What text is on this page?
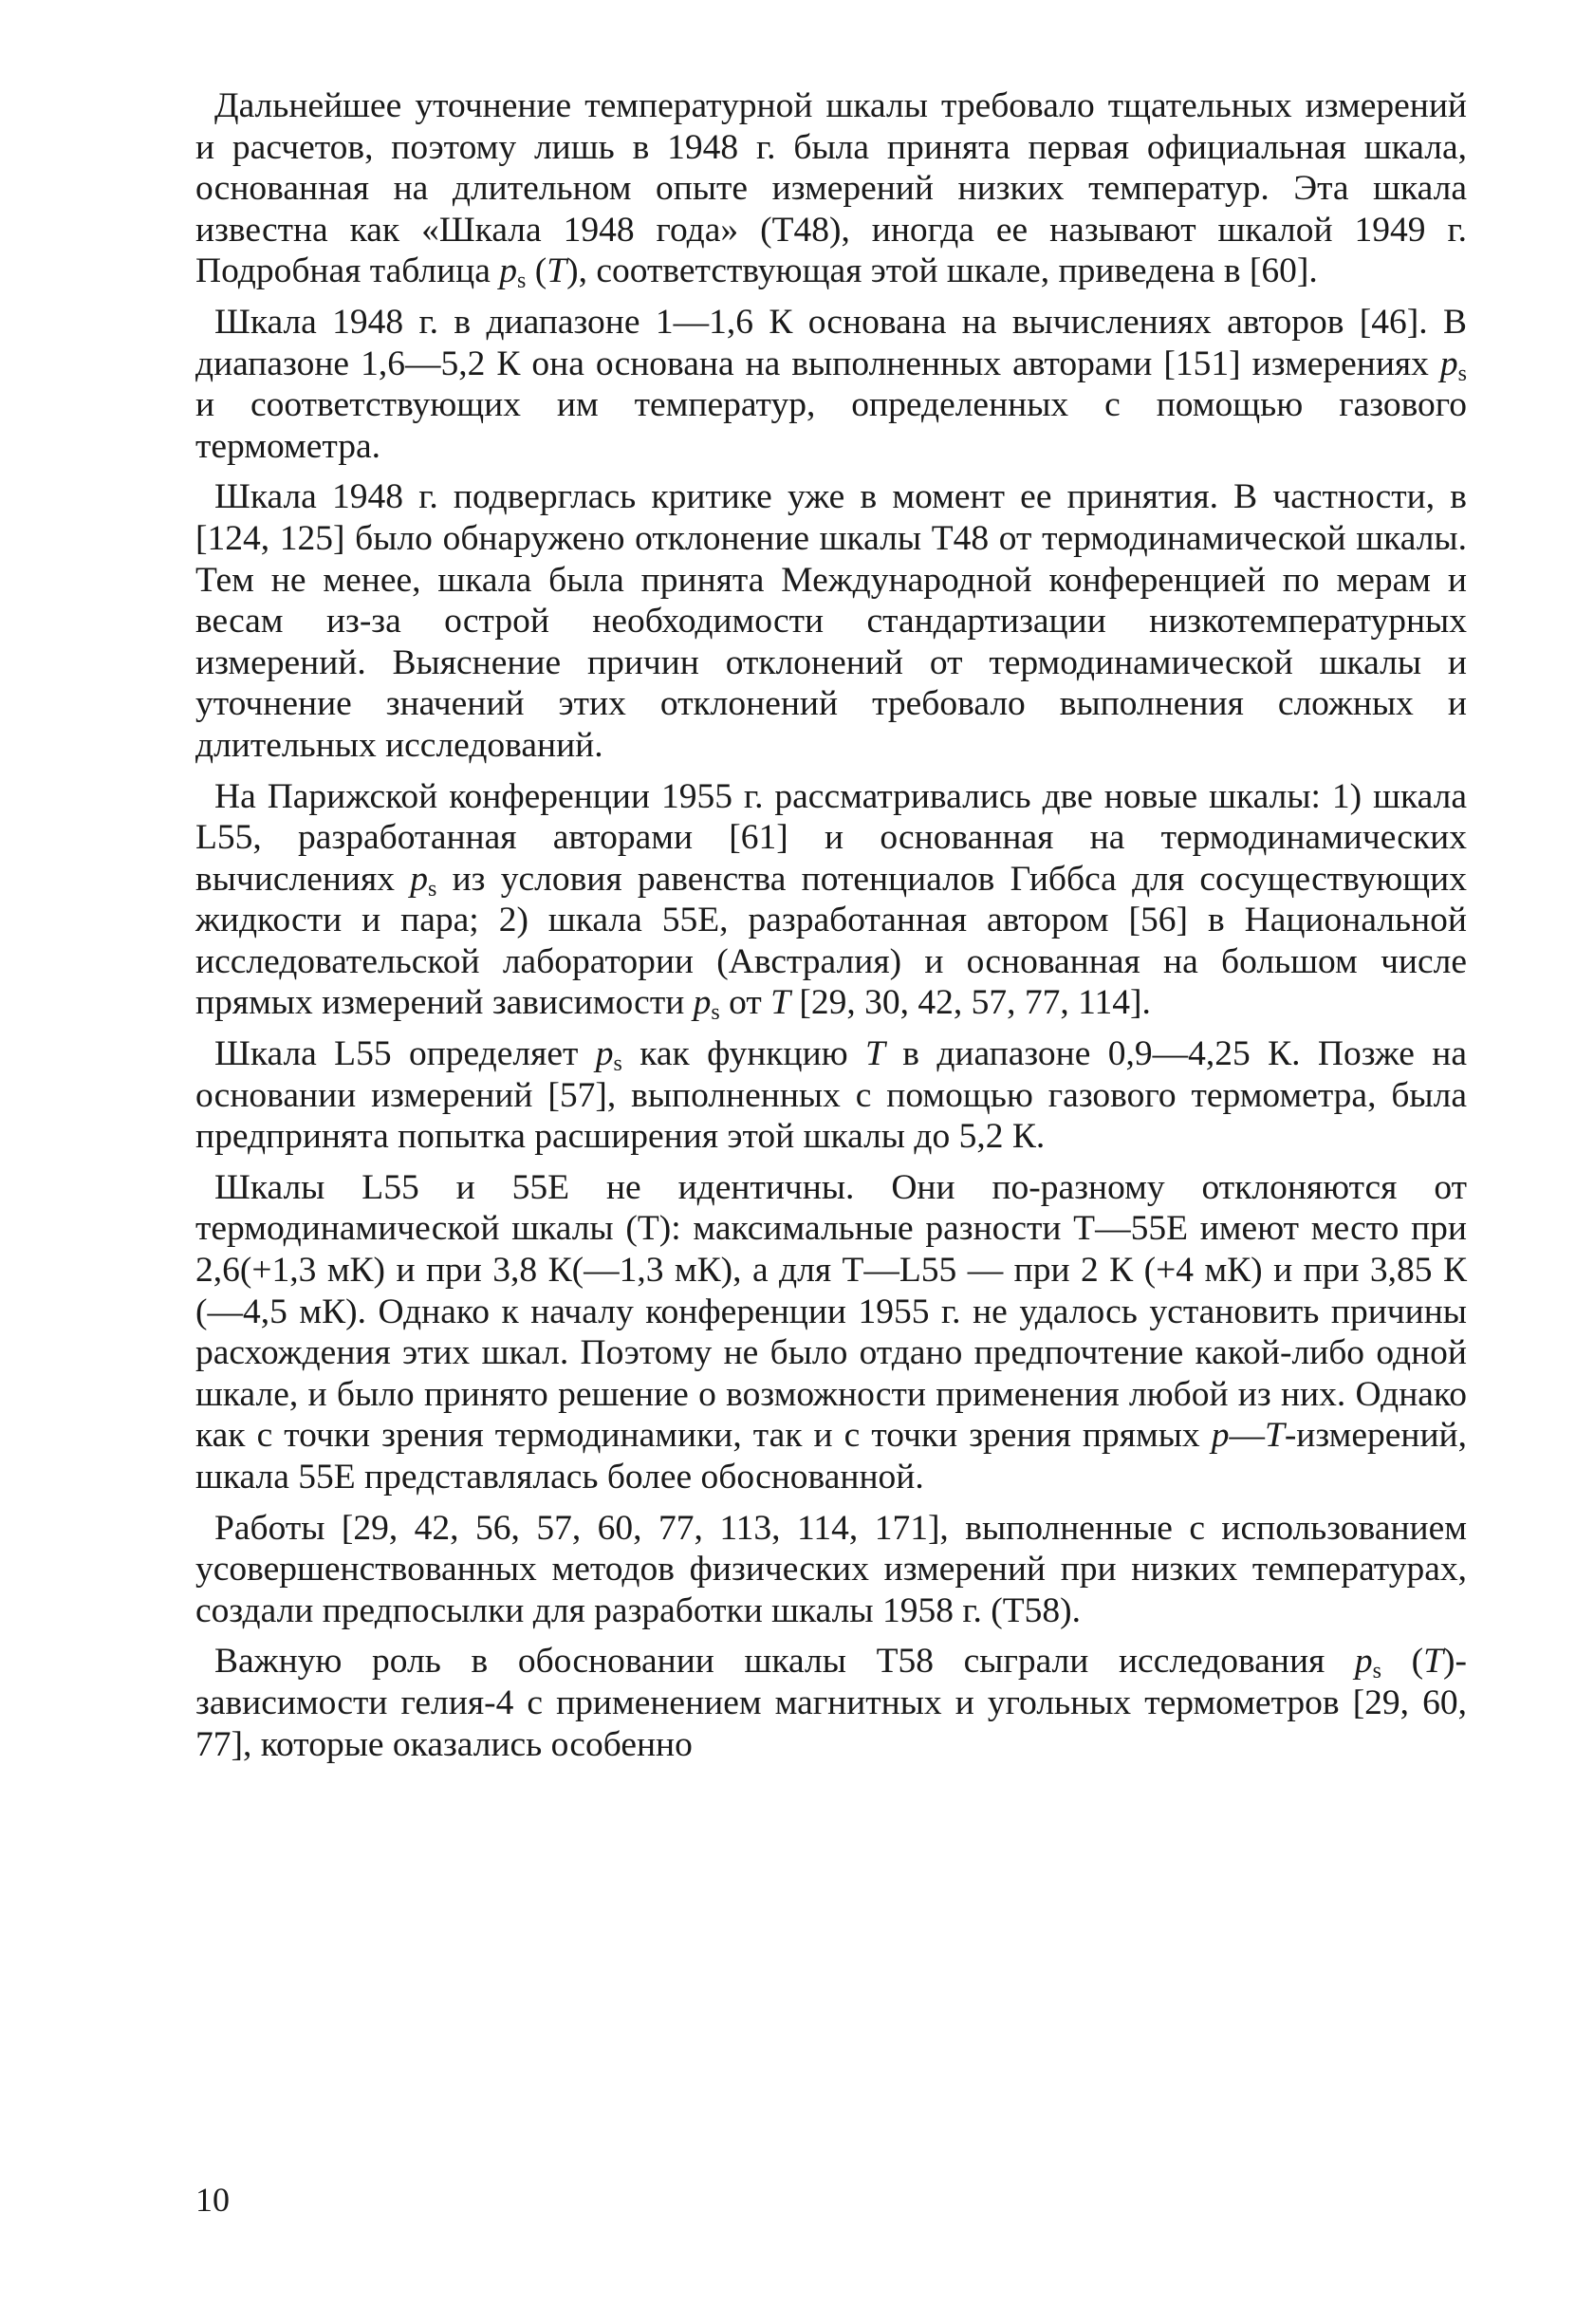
Дальнейшее уточнение температурной шкалы требовало тщательных измерений и расчетов, поэтому лишь в 1948 г. была принята первая официальная шкала, основанная на длительном опыте измерений низких температур. Эта шкала известна как «Шкала 1948 года» (Т48), иногда ее называют шкалой 1949 г. Подробная таблица $p_s$ (T), соответствующая этой шкале, приведена в [60].

Шкала 1948 г. в диапазоне 1—1,6 К основана на вычислениях авторов [46]. В диапазоне 1,6—5,2 К она основана на выполненных авторами [151] измерениях $p_s$ и соответствующих им температур, определенных с помощью газового термометра.

Шкала 1948 г. подверглась критике уже в момент ее принятия. В частности, в [124, 125] было обнаружено отклонение шкалы Т48 от термодинамической шкалы. Тем не менее, шкала была принята Международной конференцией по мерам и весам из-за острой необходимости стандартизации низкотемпературных измерений. Выяснение причин отклонений от термодинамической шкалы и уточнение значений этих отклонений требовало выполнения сложных и длительных исследований.

На Парижской конференции 1955 г. рассматривались две новые шкалы: 1) шкала L55, разработанная авторами [61] и основанная на термодинамических вычислениях $p_s$ из условия равенства потенциалов Гиббса для сосуществующих жидкости и пара; 2) шкала 55Е, разработанная автором [56] в Национальной исследовательской лаборатории (Австралия) и основанная на большом числе прямых измерений зависимости $p_s$ от T [29, 30, 42, 57, 77, 114].

Шкала L55 определяет $p_s$ как функцию T в диапазоне 0,9—4,25 К. Позже на основании измерений [57], выполненных с помощью газового термометра, была предпринята попытка расширения этой шкалы до 5,2 К.

Шкалы L55 и 55Е не идентичны. Они по-разному отклоняются от термодинамической шкалы (Т): максимальные разности Т—55Е имеют место при 2,6(+1,3 мК) и при 3,8 К(—1,3 мК), а для Т—L55 — при 2 К (+4 мК) и при 3,85 К (—4,5 мК). Однако к началу конференции 1955 г. не удалось установить причины расхождения этих шкал. Поэтому не было отдано предпочтение какой-либо одной шкале, и было принято решение о возможности применения любой из них. Однако как с точки зрения термодинамики, так и с точки зрения прямых p—T-измерений, шкала 55Е представлялась более обоснованной.

Работы [29, 42, 56, 57, 60, 77, 113, 114, 171], выполненные с использованием усовершенствованных методов физических измерений при низких температурах, создали предпосылки для разработки шкалы 1958 г. (Т58).

Важную роль в обосновании шкалы Т58 сыграли исследования $p_s$ (T)-зависимости гелия-4 с применением магнитных и угольных термометров [29, 60, 77], которые оказались особенно

10
